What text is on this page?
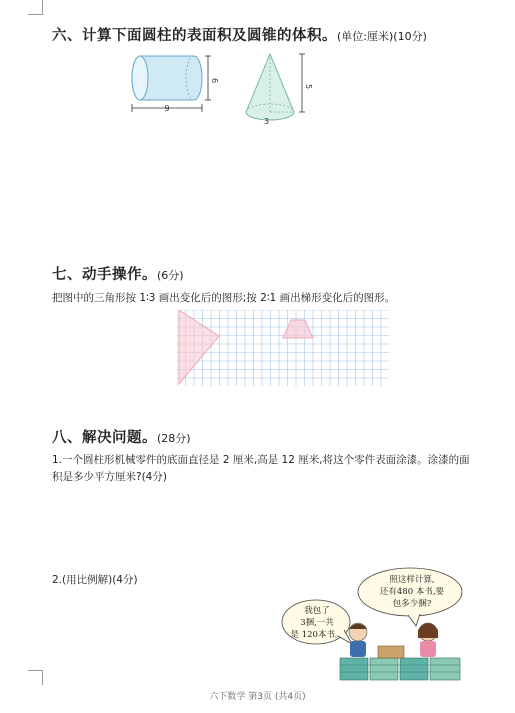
六、计算下面圆柱的表面积及圆锥的体积。(单位:厘米)(10分)
9
6
5
3
七、动手操作。(6分)
把图中的三角形按 1∶3 画出变化后的图形;按 2∶1 画出梯形变化后的图形。
八、解决问题。(28分)
1.一个圆柱形机械零件的底面直径是 2 厘米,高是 12 厘米,将这个零件表面涂漆。涂漆的面
积是多少平方厘米?(4分)
2.(用比例解)(4分)
我包了
3捆,一共
是 120本书。
照这样计算,
还有480 本书,要
包多少捆?
六下数学 第3页 (共4页)
